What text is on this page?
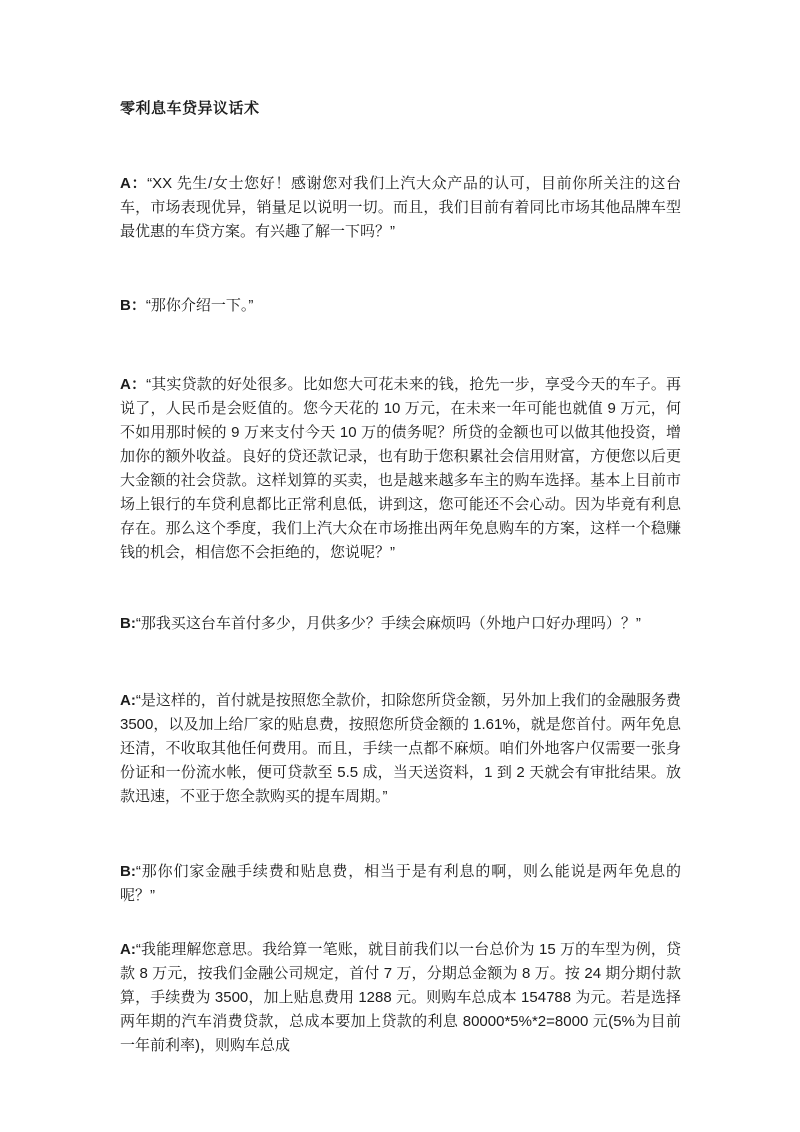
零利息车贷异议话术
A：“XX 先生/女士您好！感谢您对我们上汽大众产品的认可，目前你所关注的这台车，市场表现优异，销量足以说明一切。而且，我们目前有着同比市场其他品牌车型最优惠的车贷方案。有兴趣了解一下吗？”
B：“那你介绍一下。”
A：“其实贷款的好处很多。比如您大可花未来的钱，抢先一步，享受今天的车子。再说了，人民币是会贬值的。您今天花的 10 万元，在未来一年可能也就值 9 万元，何不如用那时候的 9 万来支付今天 10 万的债务呢？所贷的金额也可以做其他投资，增加你的额外收益。良好的贷还款记录，也有助于您积累社会信用财富，方便您以后更大金额的社会贷款。这样划算的买卖，也是越来越多车主的购车选择。基本上目前市场上银行的车贷利息都比正常利息低，讲到这，您可能还不会心动。因为毕竟有利息存在。那么这个季度，我们上汽大众在市场推出两年免息购车的方案，这样一个稳赚钱的机会，相信您不会拒绝的，您说呢？”
B:“那我买这台车首付多少，月供多少？手续会麻烦吗（外地户口好办理吗）？”
A:“是这样的，首付就是按照您全款价，扣除您所贷金额，另外加上我们的金融服务费 3500，以及加上给厂家的贴息费，按照您所贷金额的 1.61%，就是您首付。两年免息还清，不收取其他任何费用。而且，手续一点都不麻烦。咱们外地客户仅需要一张身份证和一份流水帐，便可贷款至 5.5 成，当天送资料，1 到 2 天就会有审批结果。放款迅速，不亚于您全款购买的提车周期。”
B:“那你们家金融手续费和贴息费，相当于是有利息的啊，则么能说是两年免息的呢？”
A:“我能理解您意思。我给算一笔账，就目前我们以一台总价为 15 万的车型为例，贷款 8 万元，按我们金融公司规定，首付 7 万，分期总金额为 8 万。按 24 期分期付款算，手续费为 3500，加上贴息费用 1288 元。则购车总成本 154788 为元。若是选择两年期的汽车消费贷款，总成本要加上贷款的利息 80000*5%*2=8000 元(5%为目前一年前利率)，则购车总成
